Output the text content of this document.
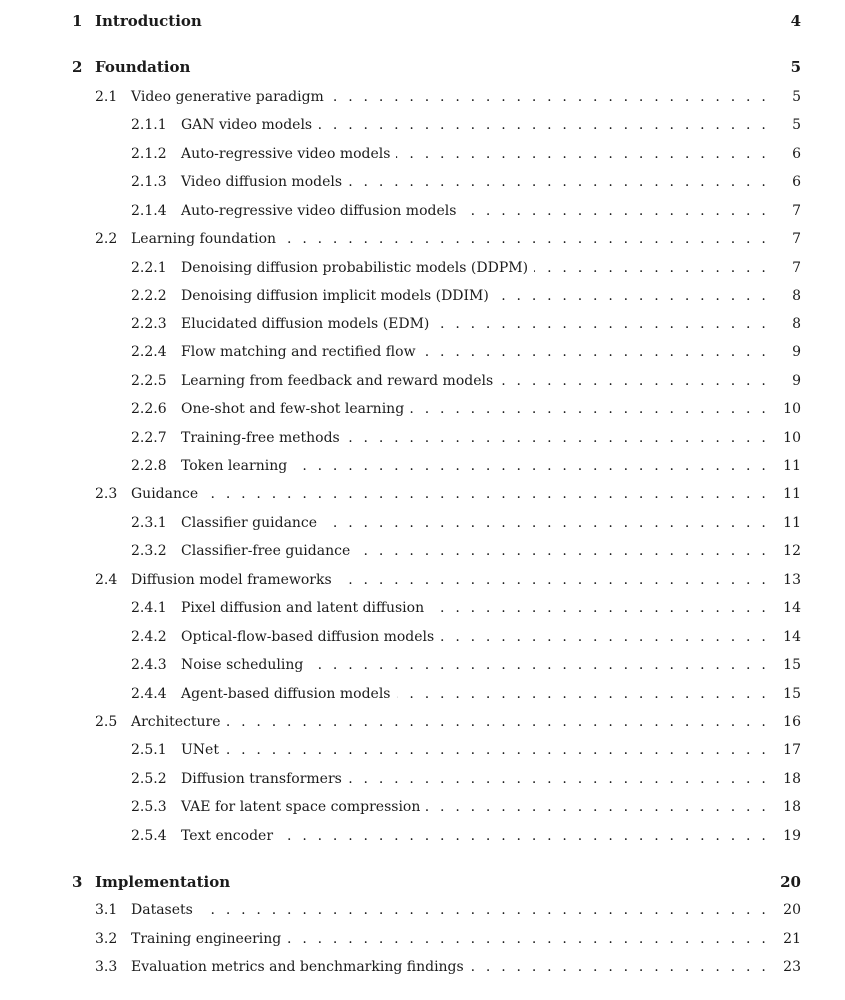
1 Introduction	4
2 Foundation	5
2.1 Video generative paradigm . . .	5
2.1.1	GAN video models . . .	5
2.1.2	Auto-regressive video models . . .	6
2.1.3	Video diffusion models . . .	6
2.1.4	Auto-regressive video diffusion models . . .	7
2.2 Learning foundation . . .	7
2.2.1	Denoising diffusion probabilistic models (DDPM) . . .	7
2.2.2	Denoising diffusion implicit models (DDIM) . . .	8
2.2.3	Elucidated diffusion models (EDM) . . .	8
2.2.4	Flow matching and rectified flow . . .	9
2.2.5	Learning from feedback and reward models . . .	9
2.2.6	One-shot and few-shot learning . . .	10
2.2.7	Training-free methods . . .	10
2.2.8	Token learning . . .	11
2.3 Guidance . . .	11
2.3.1	Classifier guidance . . .	11
2.3.2	Classifier-free guidance . . .	12
2.4 Diffusion model frameworks . . .	13
2.4.1	Pixel diffusion and latent diffusion . . .	14
2.4.2	Optical-flow-based diffusion models . . .	14
2.4.3	Noise scheduling . . .	15
2.4.4	Agent-based diffusion models . . .	15
2.5 Architecture . . .	16
2.5.1	UNet . . .	17
2.5.2	Diffusion transformers . . .	18
2.5.3	VAE for latent space compression . . .	18
2.5.4	Text encoder . . .	19
3 Implementation	20
3.1 Datasets . . .	20
3.2 Training engineering . . .	21
3.3 Evaluation metrics and benchmarking findings . . .	23
